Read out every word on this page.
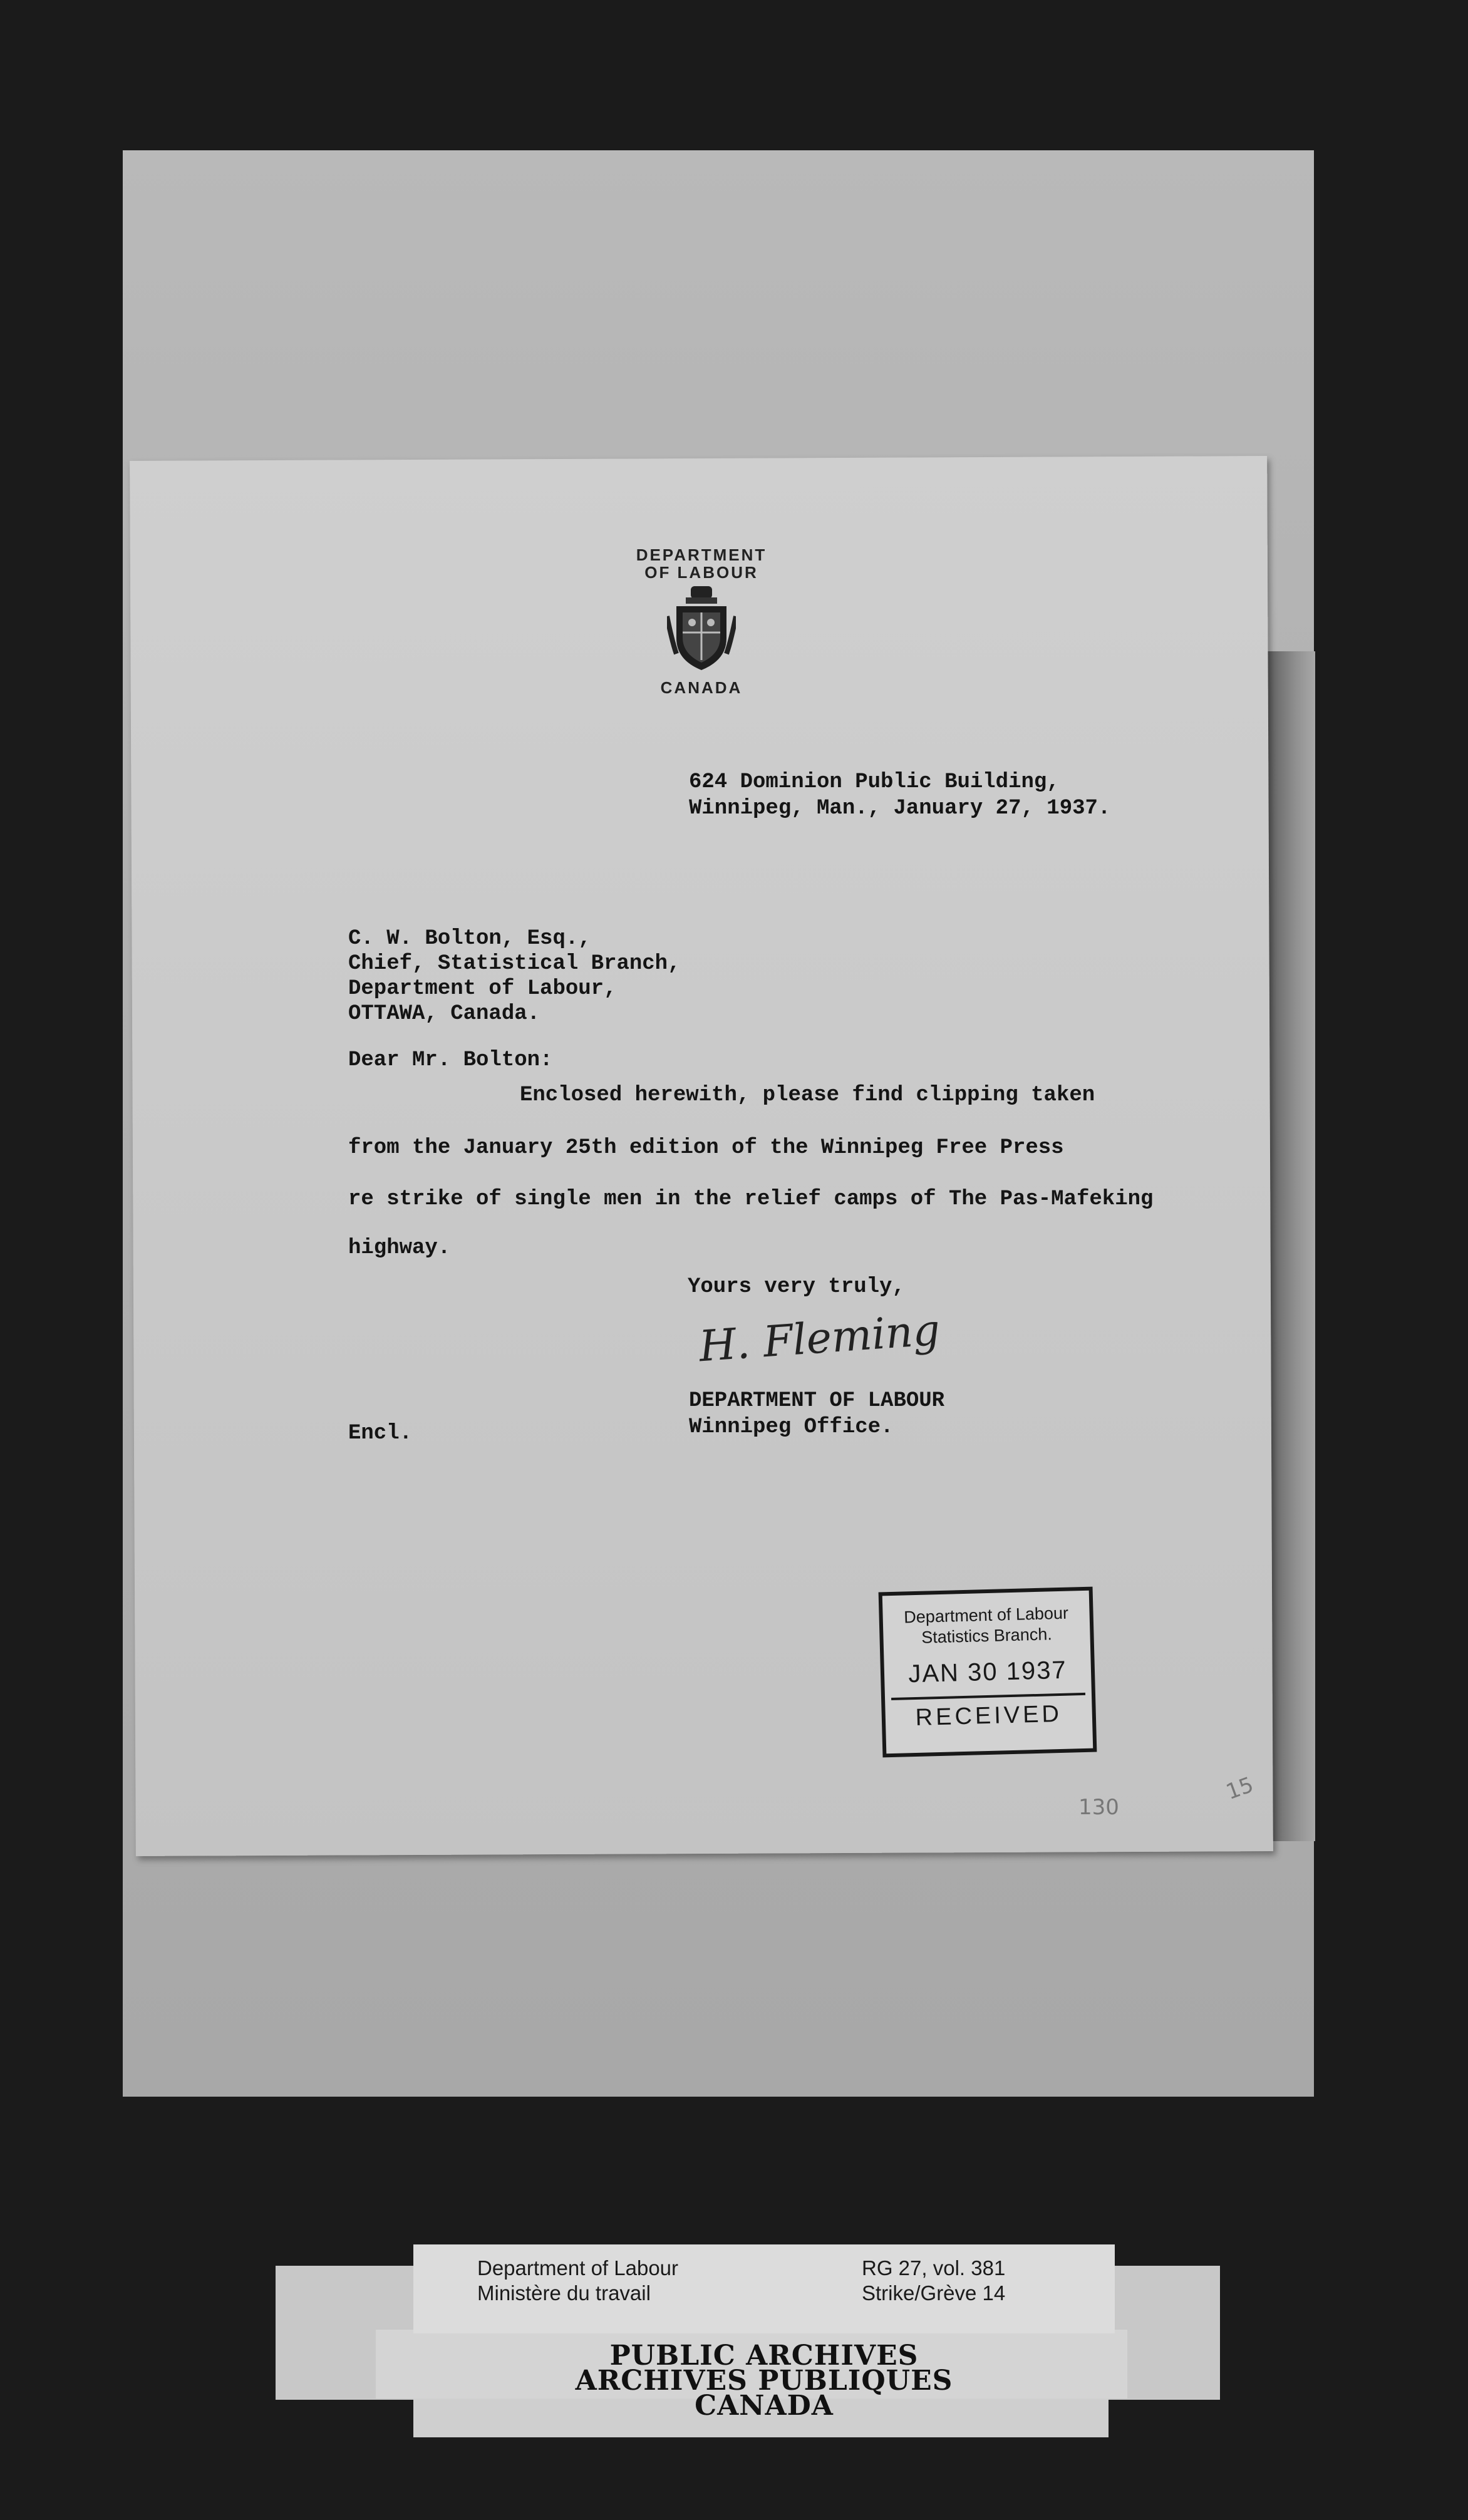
DEPARTMENT OF LABOUR
CANADA
624 Dominion Public Building,
Winnipeg, Man., January 27, 1937.
C. W. Bolton, Esq.,
Chief, Statistical Branch,
Department of Labour,
OTTAWA, Canada.
Dear Mr. Bolton:
Enclosed herewith, please find clipping taken
from the January 25th edition of the Winnipeg Free Press
re strike of single men in the relief camps of The Pas-Mafeking
highway.
Yours very truly,
H. Fleming
DEPARTMENT OF LABOUR
Winnipeg Office.
Encl.
Department of Labour
Statistics Branch.
JAN 30 1937
RECEIVED
130
15
Department of Labour
Ministère du travail
RG 27, vol. 381
Strike/Grève 14
PUBLIC ARCHIVES
ARCHIVES PUBLIQUES
CANADA
